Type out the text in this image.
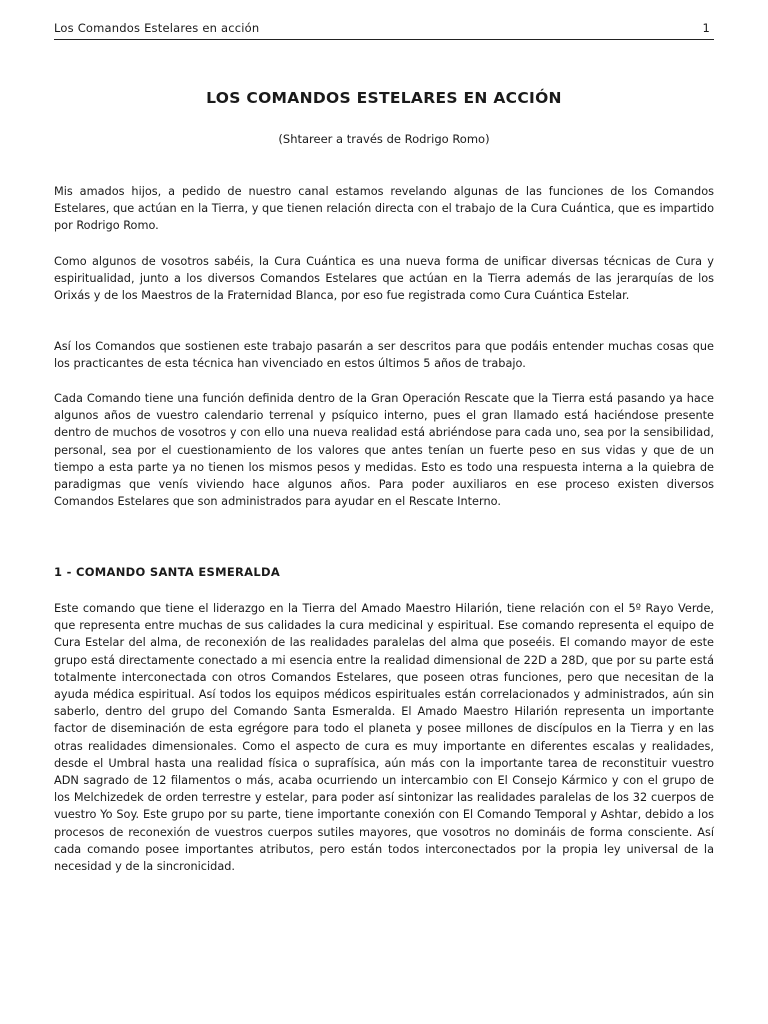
Los Comandos Estelares en acción	1
LOS COMANDOS ESTELARES EN ACCIÓN
(Shtareer a través de Rodrigo Romo)

Mis amados hijos, a pedido de nuestro canal estamos revelando algunas de las funciones de los Comandos Estelares, que actúan en la Tierra, y que tienen relación directa con el trabajo de la Cura Cuántica, que es impartido por Rodrigo Romo.

Como algunos de vosotros sabéis, la Cura Cuántica es una nueva forma de unificar diversas técnicas de Cura y espiritualidad, junto a los diversos Comandos Estelares que actúan en la Tierra además de las jerarquías de los Orixás y de los Maestros de la Fraternidad Blanca, por eso fue registrada como Cura Cuántica Estelar.

Así los Comandos que sostienen este trabajo pasarán a ser descritos para que podáis entender muchas cosas que los practicantes de esta técnica han vivenciado en estos últimos 5 años de trabajo.

Cada Comando tiene una función definida dentro de la Gran Operación Rescate que la Tierra está pasando ya hace algunos años de vuestro calendario terrenal y psíquico interno, pues el gran llamado está haciéndose presente dentro de muchos de vosotros y con ello una nueva realidad está abriéndose para cada uno, sea por la sensibilidad, personal, sea por el cuestionamiento de los valores que antes tenían un fuerte peso en sus vidas y que de un tiempo a esta parte ya no tienen los mismos pesos y medidas. Esto es todo una respuesta interna a la quiebra de paradigmas que venís viviendo hace algunos años. Para poder auxiliaros en ese proceso existen diversos Comandos Estelares que son administrados para ayudar en el Rescate Interno.

1 - COMANDO SANTA ESMERALDA

Este comando que tiene el liderazgo en la Tierra del Amado Maestro Hilarión, tiene relación con el 5º Rayo Verde, que representa entre muchas de sus calidades la cura medicinal y espiritual. Ese comando representa el equipo de Cura Estelar del alma, de reconexión de las realidades paralelas del alma que poseéis. El comando mayor de este grupo está directamente conectado a mi esencia entre la realidad dimensional de 22D a 28D, que por su parte está totalmente interconectada con otros Comandos Estelares, que poseen otras funciones, pero que necesitan de la ayuda médica espiritual. Así todos los equipos médicos espirituales están correlacionados y administrados, aún sin saberlo, dentro del grupo del Comando Santa Esmeralda. El Amado Maestro Hilarión representa un importante factor de diseminación de esta egrégore para todo el planeta y posee millones de discípulos en la Tierra y en las otras realidades dimensionales. Como el aspecto de cura es muy importante en diferentes escalas y realidades, desde el Umbral hasta una realidad física o suprafísica, aún más con la importante tarea de reconstituir vuestro ADN sagrado de 12 filamentos o más, acaba ocurriendo un intercambio con El Consejo Kármico y con el grupo de los Melchizedek de orden terrestre y estelar, para poder así sintonizar las realidades paralelas de los 32 cuerpos de vuestro Yo Soy. Este grupo por su parte, tiene importante conexión con El Comando Temporal y Ashtar, debido a los procesos de reconexión de vuestros cuerpos sutiles mayores, que vosotros no domináis de forma consciente. Así cada comando posee importantes atributos, pero están todos interconectados por la propia ley universal de la necesidad y de la sincronicidad.
